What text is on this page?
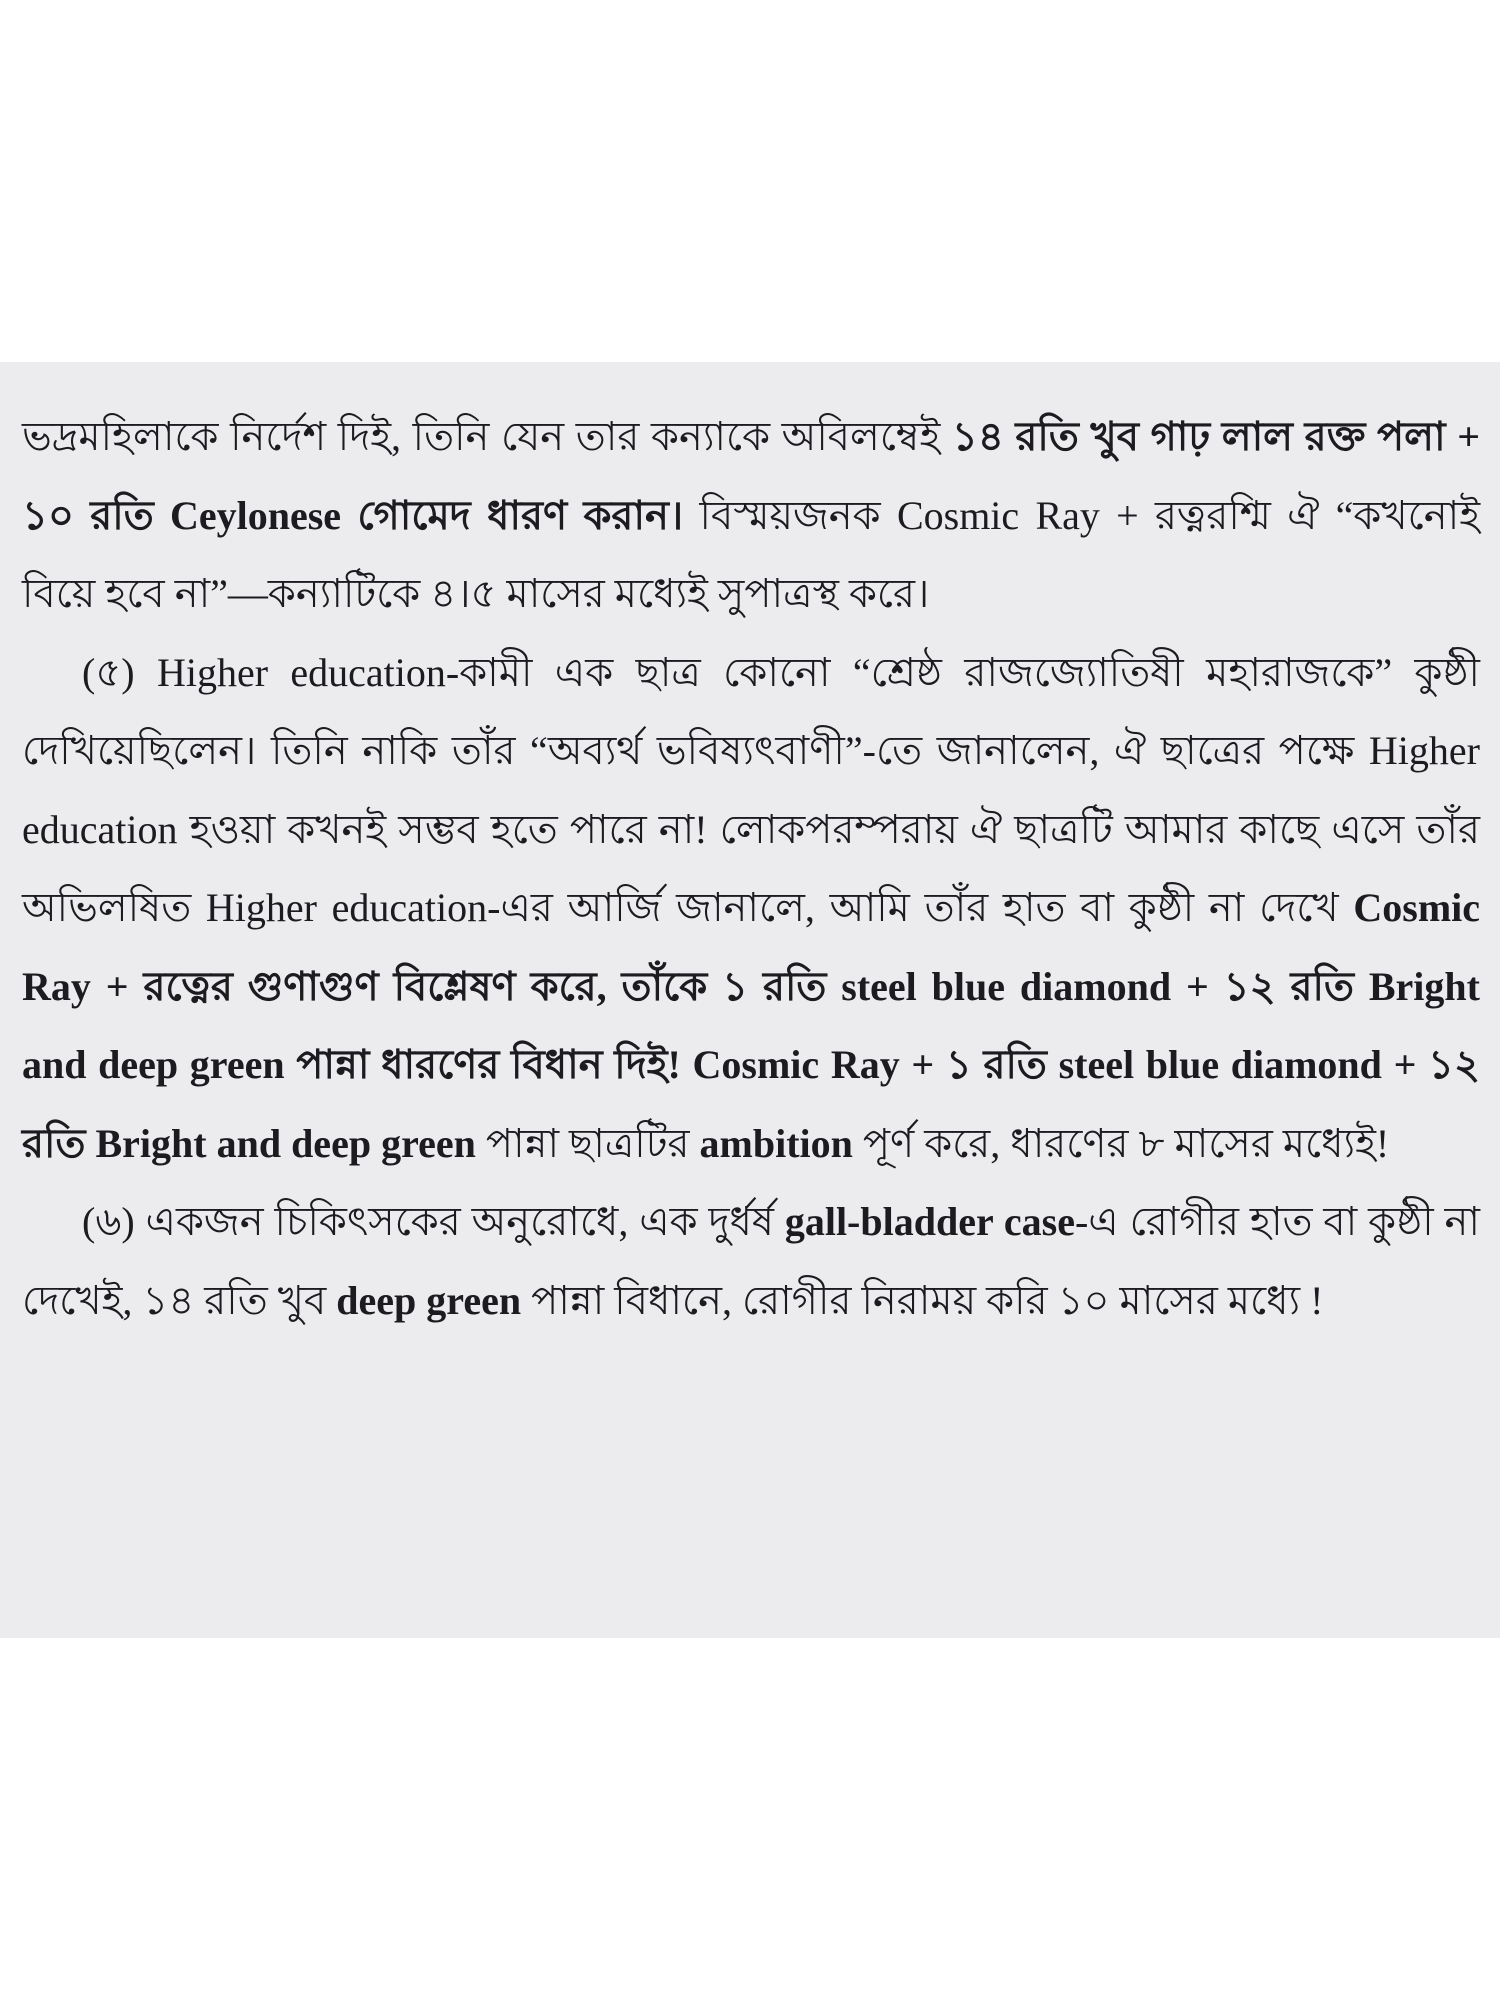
ভদ্রমহিলাকে নির্দেশ দিই, তিনি যেন তার কন্যাকে অবিলম্বেই ১৪ রতি খুব গাঢ় লাল রক্ত পলা + ১০ রতি Ceylonese গোমেদ ধারণ করান। বিস্ময়জনক Cosmic Ray + রত্নরশ্মি ঐ “কখনোই বিয়ে হবে না”—কন্যাটিকে ৪।৫ মাসের মধ্যেই সুপাত্রস্থ করে।

(৫) Higher education-কামী এক ছাত্র কোনো “শ্রেষ্ঠ রাজজ্যোতিষী মহারাজকে” কুষ্ঠী দেখিয়েছিলেন। তিনি নাকি তাঁর “অব্যর্থ ভবিষ্যৎবাণী”-তে জানালেন, ঐ ছাত্রের পক্ষে Higher education হওয়া কখনই সম্ভব হতে পারে না! লোকপরম্পরায় ঐ ছাত্রটি আমার কাছে এসে তাঁর অভিলষিত Higher education-এর আর্জি জানালে, আমি তাঁর হাত বা কুষ্ঠী না দেখে Cosmic Ray + রত্নের গুণাগুণ বিশ্লেষণ করে, তাঁকে ১ রতি steel blue diamond + ১২ রতি Bright and deep green পান্না ধারণের বিধান দিই! Cosmic Ray + ১ রতি steel blue diamond + ১২ রতি Bright and deep green পান্না ছাত্রটির ambition পূর্ণ করে, ধারণের ৮ মাসের মধ্যেই!

(৬) একজন চিকিৎসকের অনুরোধে, এক দুর্ধর্ষ gall-bladder case-এ রোগীর হাত বা কুষ্ঠী না দেখেই, ১৪ রতি খুব deep green পান্না বিধানে, রোগীর নিরাময় করি ১০ মাসের মধ্যে !
